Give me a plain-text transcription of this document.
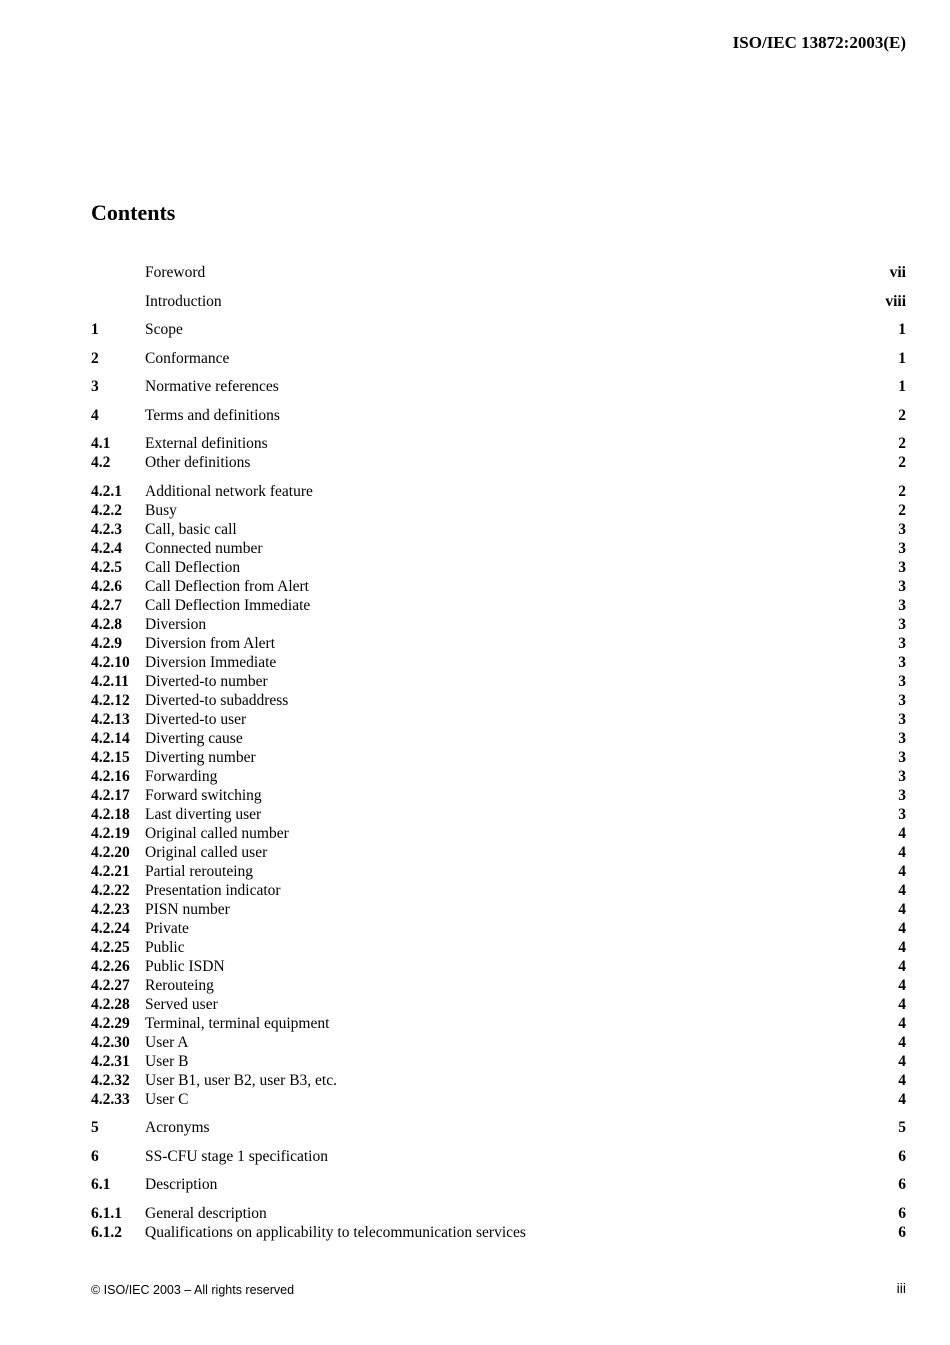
ISO/IEC 13872:2003(E)
Contents
Foreword	vii
Introduction	viii
1	Scope	1
2	Conformance	1
3	Normative references	1
4	Terms and definitions	2
4.1	External definitions	2
4.2	Other definitions	2
4.2.1	Additional network feature	2
4.2.2	Busy	2
4.2.3	Call, basic call	3
4.2.4	Connected number	3
4.2.5	Call Deflection	3
4.2.6	Call Deflection from Alert	3
4.2.7	Call Deflection Immediate	3
4.2.8	Diversion	3
4.2.9	Diversion from Alert	3
4.2.10 Diversion Immediate	3
4.2.11	Diverted-to number	3
4.2.12 Diverted-to subaddress	3
4.2.13 Diverted-to user	3
4.2.14 Diverting cause	3
4.2.15 Diverting number	3
4.2.16 Forwarding	3
4.2.17 Forward switching	3
4.2.18 Last diverting user	3
4.2.19 Original called number	4
4.2.20 Original called user	4
4.2.21 Partial rerouteing	4
4.2.22 Presentation indicator	4
4.2.23 PISN number	4
4.2.24 Private	4
4.2.25 Public	4
4.2.26 Public ISDN	4
4.2.27 Rerouteing	4
4.2.28 Served user	4
4.2.29 Terminal, terminal equipment	4
4.2.30 User A	4
4.2.31 User B	4
4.2.32 User B1, user B2, user B3, etc.	4
4.2.33 User C	4
5	Acronyms	5
6	SS-CFU stage 1 specification	6
6.1	Description	6
6.1.1	General description	6
6.1.2	Qualifications on applicability to telecommunication services	6
© ISO/IEC 2003 – All rights reserved	iii
